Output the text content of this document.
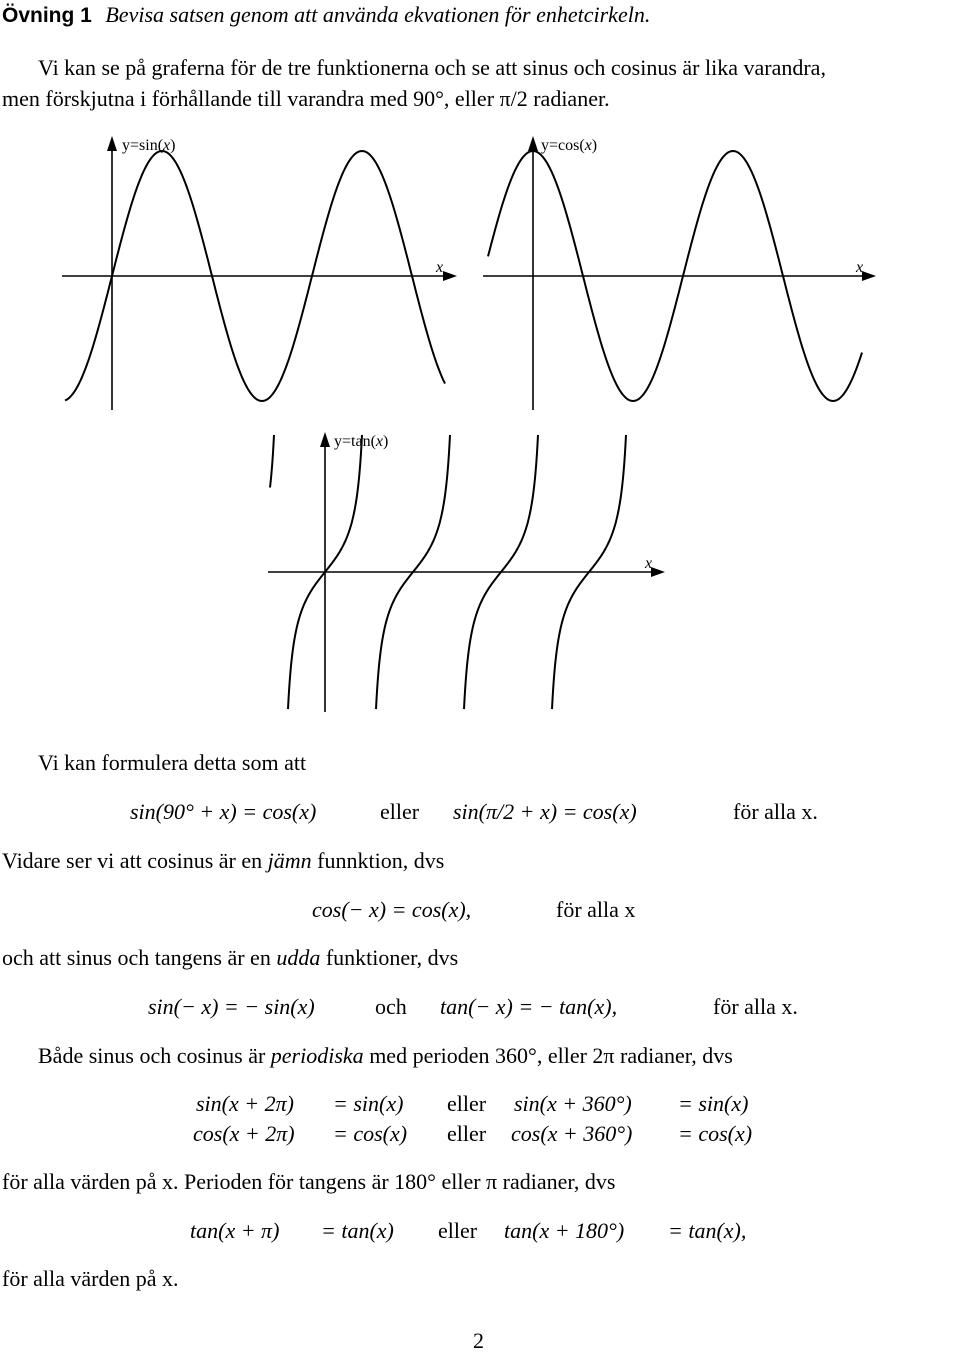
Övning 1 Bevisa satsen genom att använda ekvationen för enhetcirkeln.
Vi kan se på graferna för de tre funktionerna och se att sinus och cosinus är lika varandra,
men förskjutna i förhållande till varandra med 90°, eller π/2 radianer.
y=sin(x)
x
y=cos(x)
x
y=tan(x)
x
Vi kan formulera detta som att
sin(90° + x) = cos(x)	eller sin(π/2 + x) = cos(x)	för alla x.
Vidare ser vi att cosinus är en jämn funnktion, dvs
cos(− x) = cos(x),	för alla x
och att sinus och tangens är en udda funktioner, dvs
sin(− x) = − sin(x)	och tan(− x) = − tan(x),	för alla x.
Både sinus och cosinus är periodiska med perioden 360°, eller 2π radianer, dvs
sin(x + 2π) = sin(x) eller sin(x + 360°) = sin(x)
cos(x + 2π) = cos(x) eller cos(x + 360°) = cos(x)
för alla värden på x. Perioden för tangens är 180° eller π radianer, dvs
tan(x + π) = tan(x) eller tan(x + 180°) = tan(x),
för alla värden på x.
2
